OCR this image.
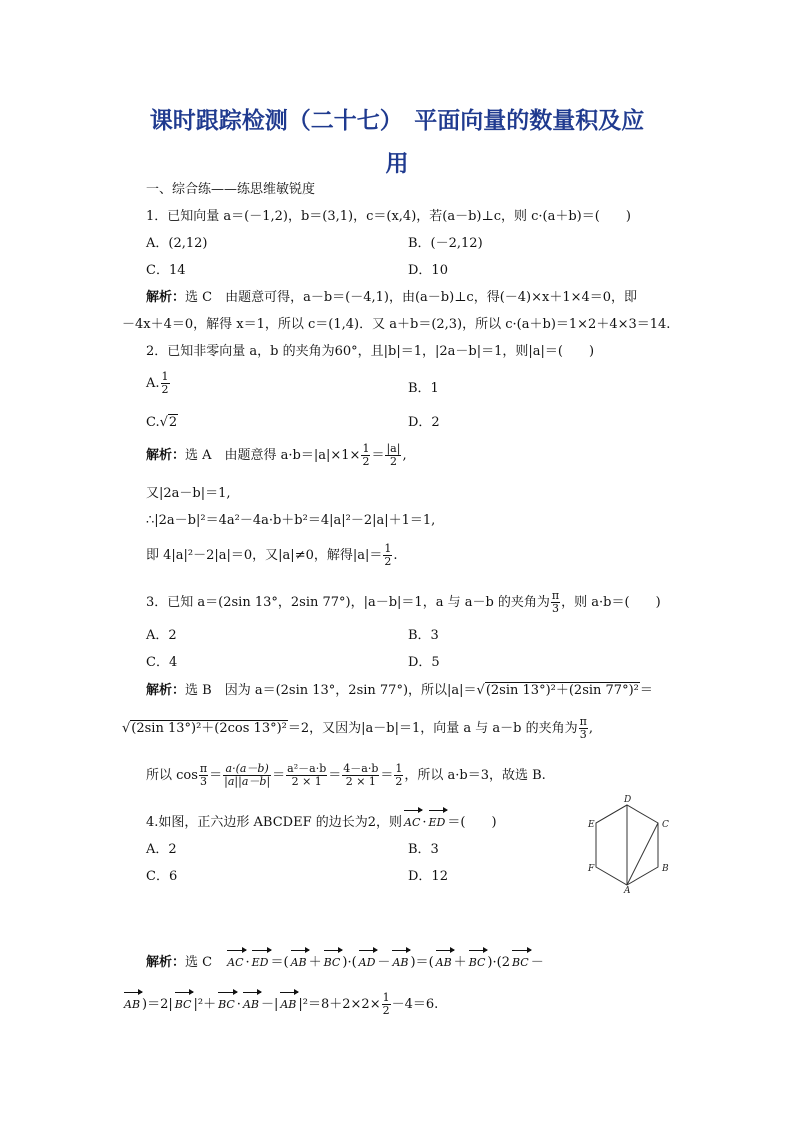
课时跟踪检测（二十七）　平面向量的数量积及应
用
一、综合练——练思维敏锐度
1．已知向量 a＝(－1,2)，b＝(3,1)，c＝(x,4)，若(a－b)⊥c，则 c·(a＋b)＝(　　)
A．(2,12)	B．(－2,12)
C．14	D．10
解析：选 C　由题意可得，a－b＝(－4,1)，由(a－b)⊥c，得(－4)×x＋1×4＝0，即
－4x＋4＝0，解得 x＝1，所以 c＝(1,4)．又 a＋b＝(2,3)，所以 c·(a＋b)＝1×2＋4×3＝14.
2．已知非零向量 a，b 的夹角为60°，且|b|＝1，|2a－b|＝1，则|a|＝(　　)
A. $\frac{1}{2}$	B．1
C.√2	D．2
解析：选 A　由题意得 $a\cdot b=|a|\times 1\times \frac{1}{2} = \frac{|a|}{2}$ ,
又|2a－b|＝1,
∴|2a－b|²＝4a²－4a·b＋b²＝4|a|²－2|a|＋1＝1,
即 4|a|²－2|a|＝0，又|a|≠0，解得$|a|= \frac{1}{2}$ .
3．已知 a＝(2sin 13°，2sin 77°)，|a－b|＝1，a 与 a－b 的夹角为 $\frac{\pi}{3}$ ，则 a·b＝(　　)
A．2	B．3
C．4	D．5
解析：选 B　因为 a＝(2sin 13°，2sin 77°)，所以|a|＝√(2sin 13°)²＋(2sin 77°)²＝
√(2sin 13°)²＋(2cos 13°)²＝2，又因为|a－b|＝1，向量 a 与 a－b 的夹角为 $\frac{\pi}{3}$ ,
所以 $\cos \frac{\pi}{3} = \frac{a\cdot(a-b)}{|a||a-b|} = \frac{\text{a²－a·b}}{2 \times 1} = \frac{4-a\cdot b}{2 \times 1} = \frac{1}{2}$ ，所以 a·b＝3，故选 B.
4.如图，正六边形 ABCDEF 的边长为2，则 AC · ED ＝(　　)
A．2	B．3
C．6	D．12
A
B
C
D
E
F
解析：选 C　 AC · ED ＝( AB ＋ BC )·( AD － AB )＝( AB ＋ BC )·(2 BC －
AB )＝2| BC |²＋ BC · AB －| AB $|^2=8+2\times 2\times \frac{1}{2} -4=6$.
